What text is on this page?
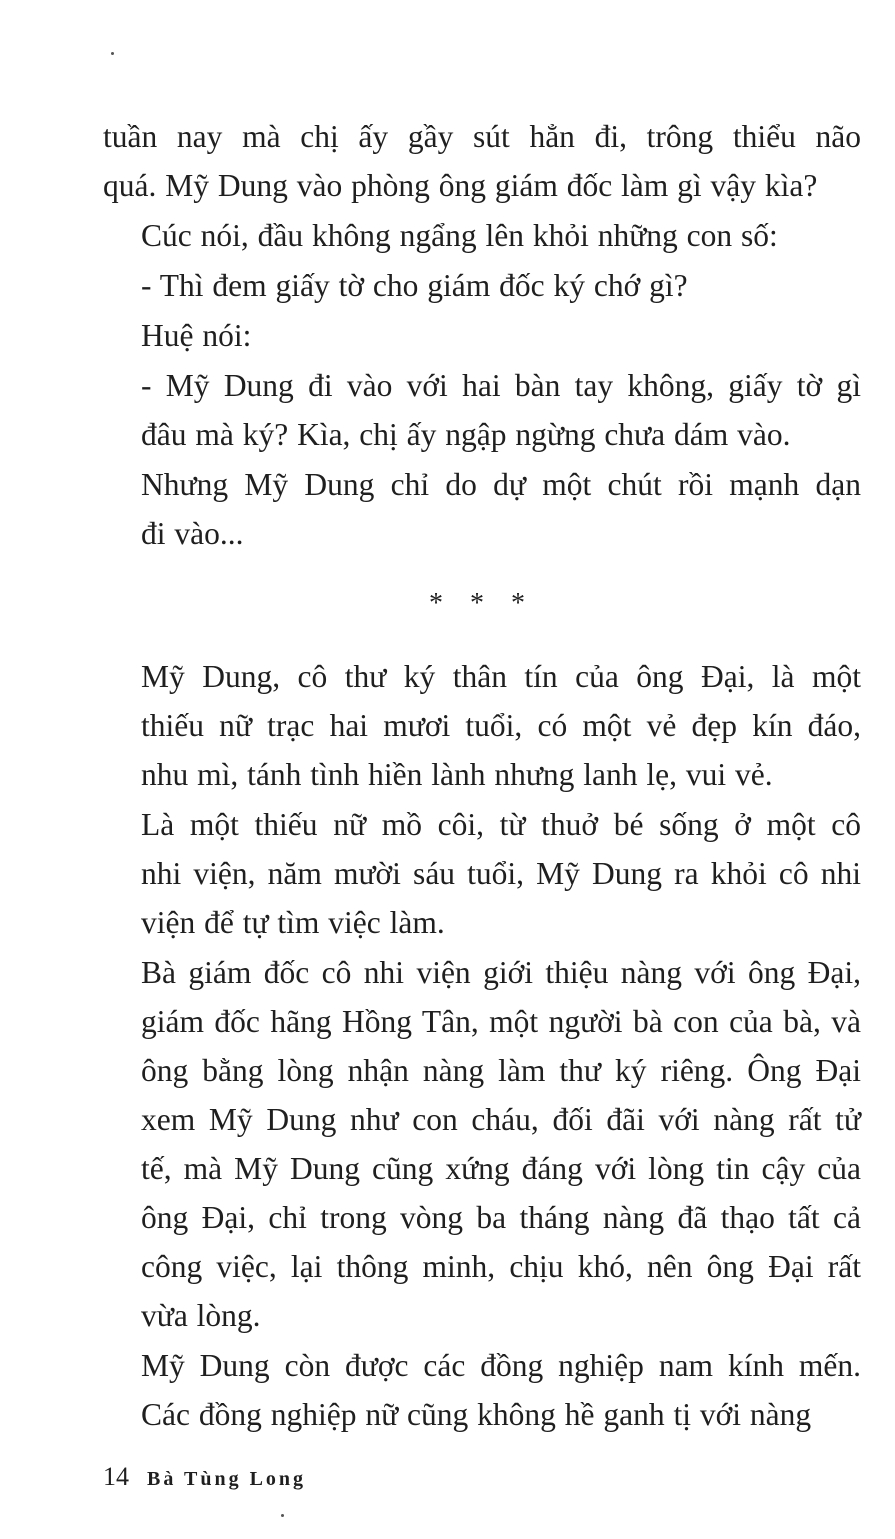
tuần nay mà chị ấy gầy sút hẳn đi, trông thiểu não
quá. Mỹ Dung vào phòng ông giám đốc làm gì vậy kìa?
Cúc nói, đầu không ngẩng lên khỏi những con số:
- Thì đem giấy tờ cho giám đốc ký chớ gì?
Huệ nói:
- Mỹ Dung đi vào với hai bàn tay không, giấy tờ gì
đâu mà ký? Kìa, chị ấy ngập ngừng chưa dám vào.
Nhưng Mỹ Dung chỉ do dự một chút rồi mạnh dạn
đi vào...
* * *
Mỹ Dung, cô thư ký thân tín của ông Đại, là một
thiếu nữ trạc hai mươi tuổi, có một vẻ đẹp kín đáo,
nhu mì, tánh tình hiền lành nhưng lanh lẹ, vui vẻ.
Là một thiếu nữ mồ côi, từ thuở bé sống ở một cô
nhi viện, năm mười sáu tuổi, Mỹ Dung ra khỏi cô nhi
viện để tự tìm việc làm.
Bà giám đốc cô nhi viện giới thiệu nàng với ông Đại,
giám đốc hãng Hồng Tân, một người bà con của bà, và
ông bằng lòng nhận nàng làm thư ký riêng. Ông Đại
xem Mỹ Dung như con cháu, đối đãi với nàng rất tử
tế, mà Mỹ Dung cũng xứng đáng với lòng tin cậy của
ông Đại, chỉ trong vòng ba tháng nàng đã thạo tất cả
công việc, lại thông minh, chịu khó, nên ông Đại rất
vừa lòng.
Mỹ Dung còn được các đồng nghiệp nam kính mến.
Các đồng nghiệp nữ cũng không hề ganh tị với nàng
14 Bà Tùng Long
